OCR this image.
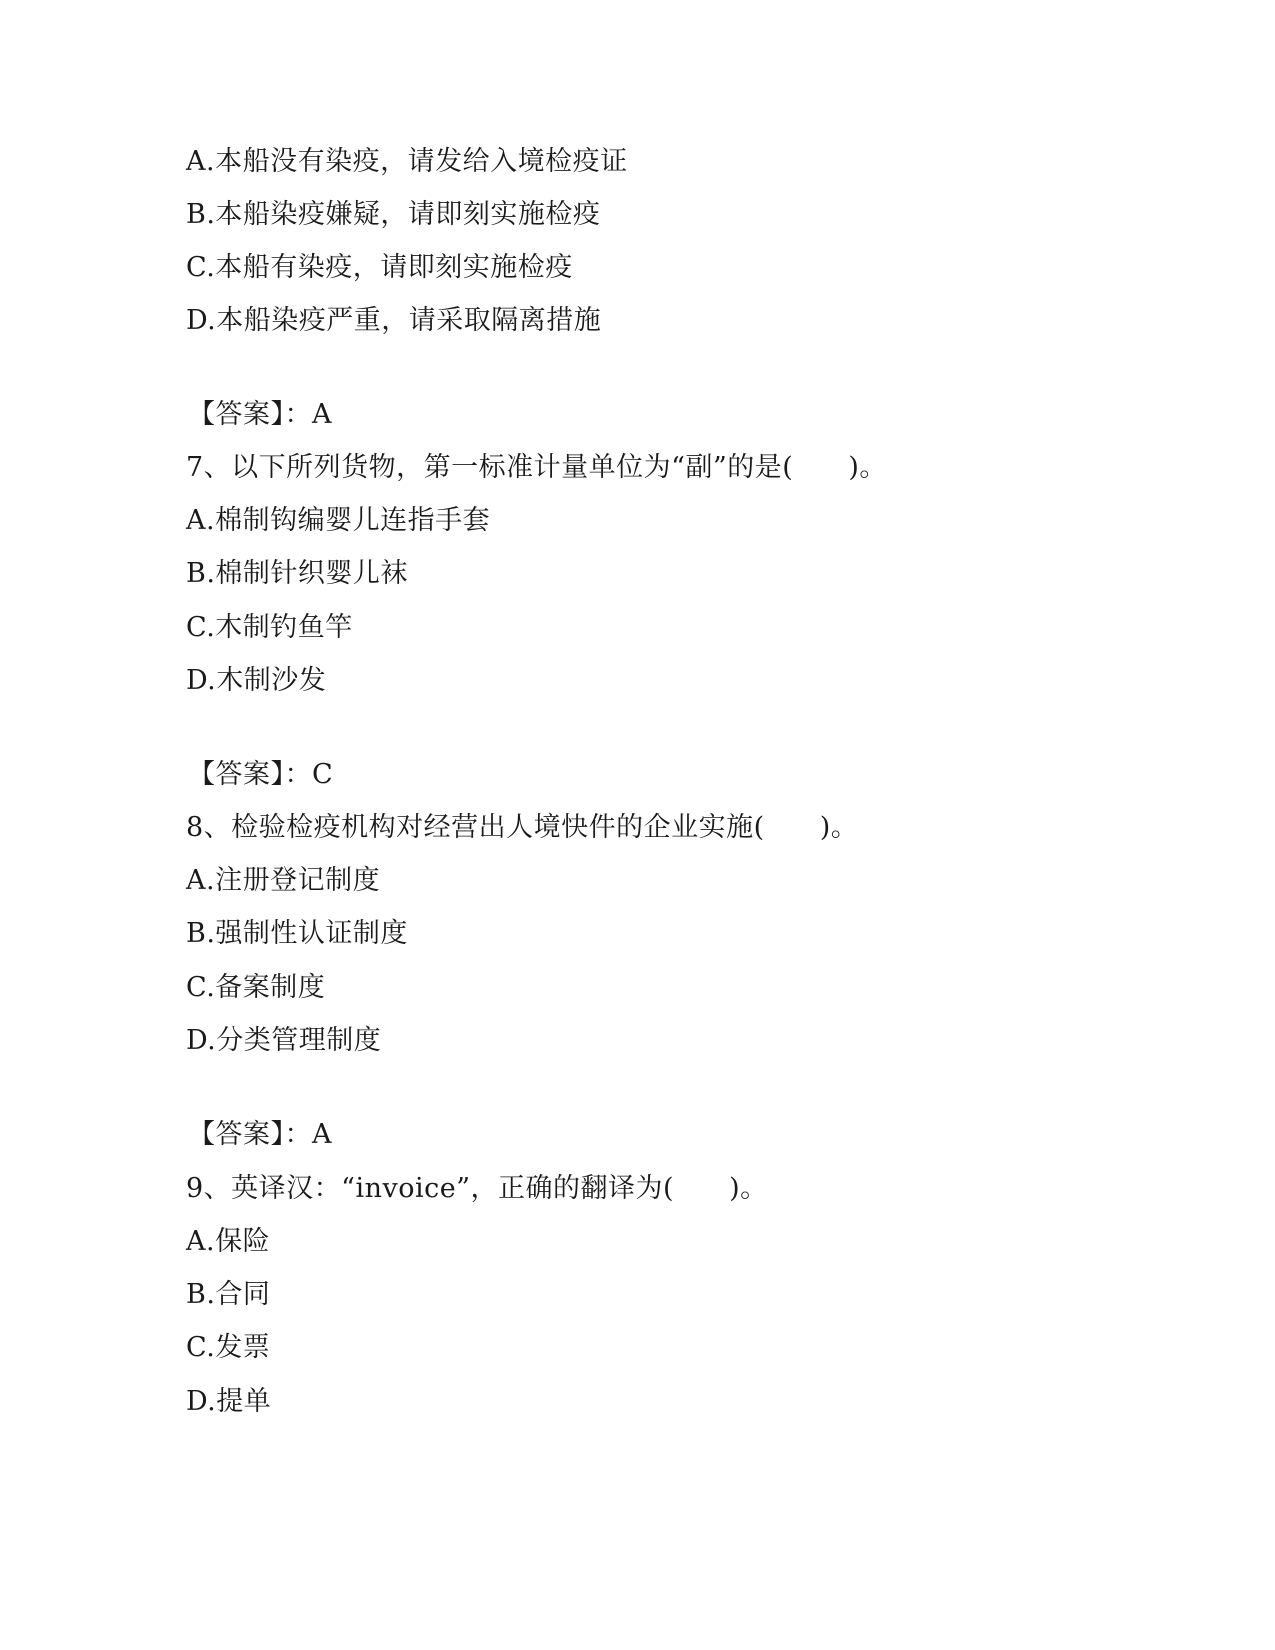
A.本船没有染疫，请发给入境检疫证
B.本船染疫嫌疑，请即刻实施检疫
C.本船有染疫，请即刻实施检疫
D.本船染疫严重，请采取隔离措施
【答案】：A
7、以下所列货物，第一标准计量单位为“副”的是(　　)。
A.棉制钩编婴儿连指手套
B.棉制针织婴儿袜
C.木制钓鱼竿
D.木制沙发
【答案】：C
8、检验检疫机构对经营出人境快件的企业实施(　　)。
A.注册登记制度
B.强制性认证制度
C.备案制度
D.分类管理制度
【答案】：A
9、英译汉：“invoice”，正确的翻译为(　　)。
A.保险
B.合同
C.发票
D.提单
